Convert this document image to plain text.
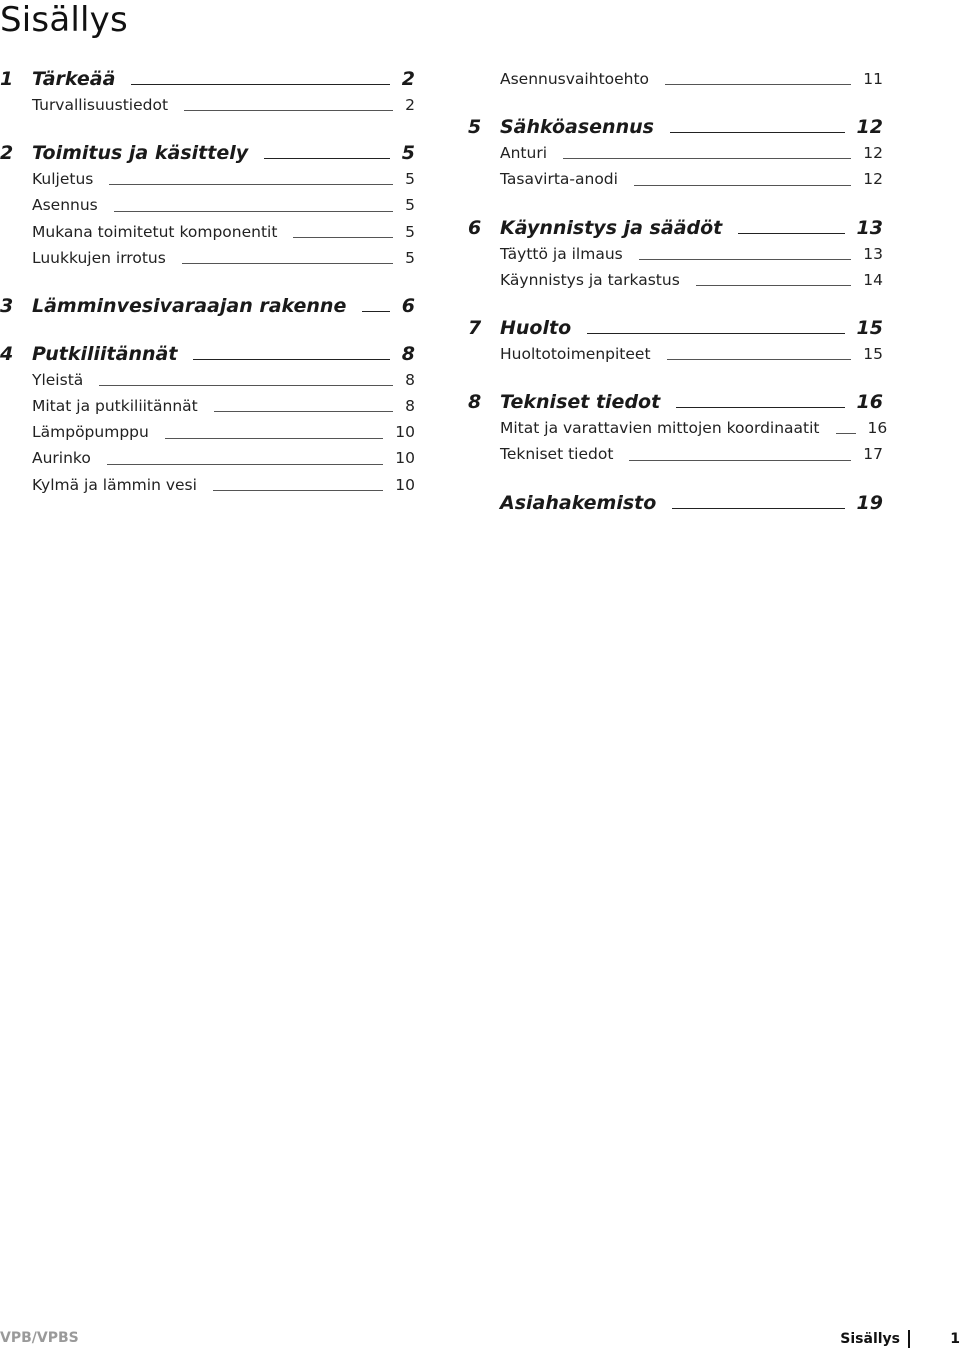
Sisällys
1 Tärkeää	2
Turvallisuustiedot	2
2 Toimitus ja käsittely	5
Kuljetus	5
Asennus	5
Mukana toimitetut komponentit	5
Luukkujen irrotus	5
3 Lämminvesivaraajan rakenne	6
4 Putkiliitännät	8
Yleistä	8
Mitat ja putkiliitännät	8
Lämpöpumppu	10
Aurinko	10
Kylmä ja lämmin vesi	10
Asennusvaihtoehto	11
5 Sähköasennus	12
Anturi	12
Tasavirta-anodi	12
6 Käynnistys ja säädöt	13
Täyttö ja ilmaus	13
Käynnistys ja tarkastus	14
7 Huolto	15
Huoltotoimenpiteet	15
8 Tekniset tiedot	16
Mitat ja varattavien mittojen koordinaatit	16
Tekniset tiedot	17
Asiahakemisto	19
VPB/VPBS	Sisällys	1
